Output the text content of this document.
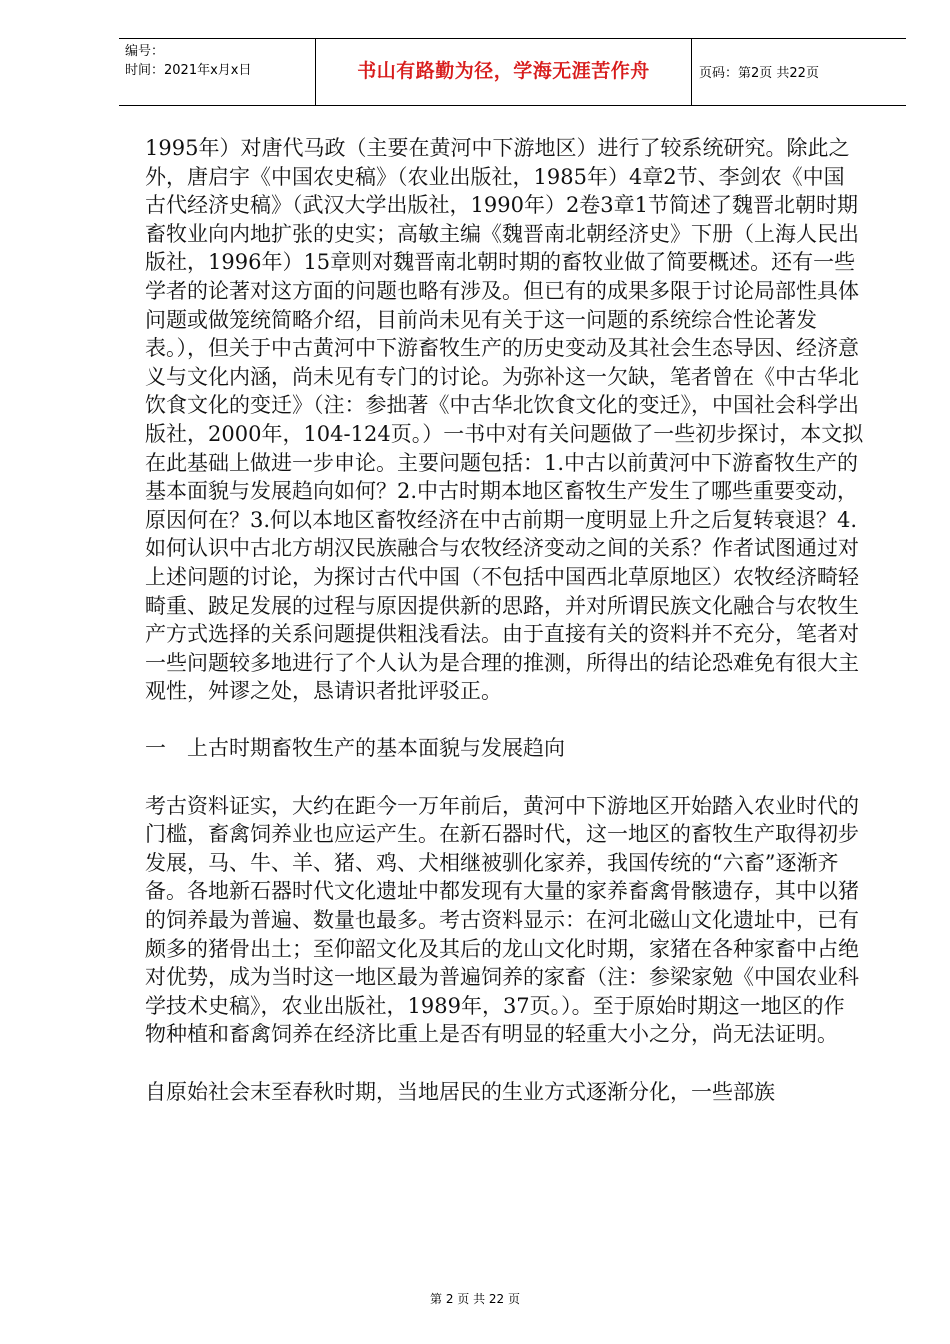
编号：
时间：2021年x月x日	书山有路勤为径，学海无涯苦作舟	页码：第2页 共22页

1995年）对唐代马政（主要在黄河中下游地区）进行了较系统研究。除此之外，唐启宇《中国农史稿》（农业出版社，1985年）4章2节、李剑农《中国古代经济史稿》（武汉大学出版社，1990年）2卷3章1节简述了魏晋北朝时期畜牧业向内地扩张的史实；高敏主编《魏晋南北朝经济史》下册（上海人民出版社，1996年）15章则对魏晋南北朝时期的畜牧业做了简要概述。还有一些学者的论著对这方面的问题也略有涉及。但已有的成果多限于讨论局部性具体问题或做笼统简略介绍，目前尚未见有关于这一问题的系统综合性论著发表。），但关于中古黄河中下游畜牧生产的历史变动及其社会生态导因、经济意义与文化内涵，尚未见有专门的讨论。为弥补这一欠缺，笔者曾在《中古华北饮食文化的变迁》（注：参拙著《中古华北饮食文化的变迁》，中国社会科学出版社，2000年，104-124页。）一书中对有关问题做了一些初步探讨，本文拟在此基础上做进一步申论。主要问题包括：1.中古以前黄河中下游畜牧生产的基本面貌与发展趋向如何？2.中古时期本地区畜牧生产发生了哪些重要变动，原因何在？3.何以本地区畜牧经济在中古前期一度明显上升之后复转衰退？4.如何认识中古北方胡汉民族融合与农牧经济变动之间的关系？作者试图通过对上述问题的讨论，为探讨古代中国（不包括中国西北草原地区）农牧经济畸轻畸重、跛足发展的过程与原因提供新的思路，并对所谓民族文化融合与农牧生产方式选择的关系问题提供粗浅看法。由于直接有关的资料并不充分，笔者对一些问题较多地进行了个人认为是合理的推测，所得出的结论恐难免有很大主观性，舛谬之处，恳请识者批评驳正。

一　上古时期畜牧生产的基本面貌与发展趋向

考古资料证实，大约在距今一万年前后，黄河中下游地区开始踏入农业时代的门槛，畜禽饲养业也应运产生。在新石器时代，这一地区的畜牧生产取得初步发展，马、牛、羊、猪、鸡、犬相继被驯化家养，我国传统的“六畜”逐渐齐备。各地新石器时代文化遗址中都发现有大量的家养畜禽骨骸遗存，其中以猪的饲养最为普遍、数量也最多。考古资料显示：在河北磁山文化遗址中，已有颇多的猪骨出土；至仰韶文化及其后的龙山文化时期，家猪在各种家畜中占绝对优势，成为当时这一地区最为普遍饲养的家畜（注：参梁家勉《中国农业科学技术史稿》，农业出版社，1989年，37页。）。至于原始时期这一地区的作物种植和畜禽饲养在经济比重上是否有明显的轻重大小之分，尚无法证明。

自原始社会末至春秋时期，当地居民的生业方式逐渐分化，一些部族

第 2 页 共 22 页
